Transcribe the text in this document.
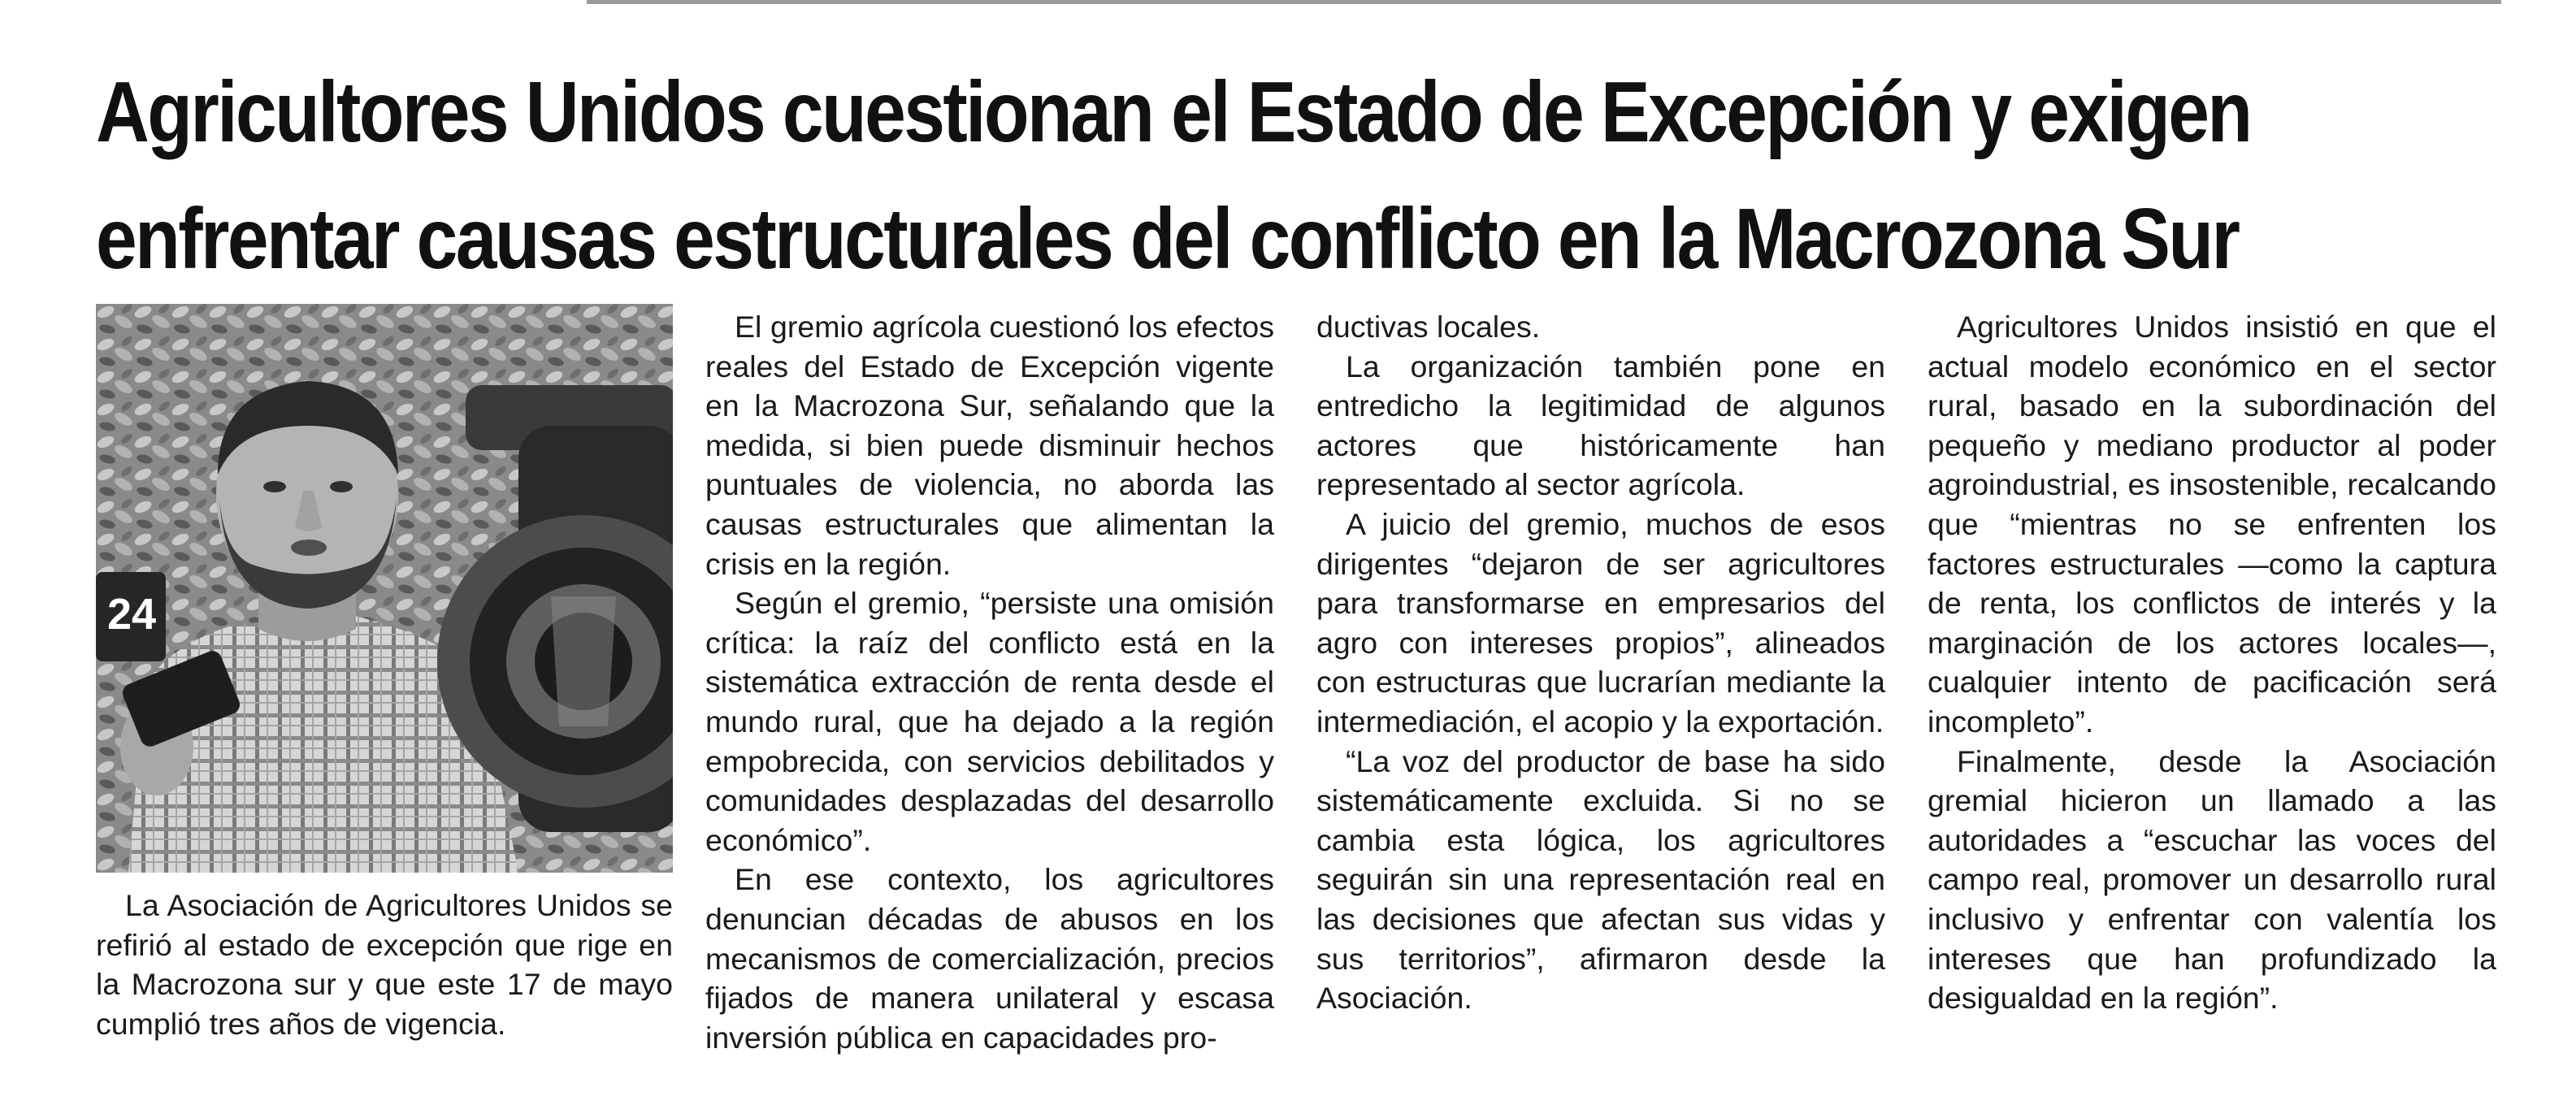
Agricultores Unidos cuestionan el Estado de Excepción y exigen
enfrentar causas estructurales del conflicto en la Macrozona Sur
24

La Asociación de Agricultores Unidos se refirió al estado de excepción que rige en la Macrozona sur y que este 17 de mayo cumplió tres años de vigencia.

El gremio agrícola cuestionó los efectos reales del Estado de Excepción vigente en la Macrozona Sur, señalando que la medida, si bien puede disminuir hechos puntuales de violencia, no aborda las causas estructurales que alimentan la crisis en la región.

Según el gremio, “persiste una omisión crítica: la raíz del conflicto está en la sistemática extracción de renta desde el mundo rural, que ha dejado a la región empobrecida, con servicios debilitados y comunidades desplazadas del desarrollo económico”.

En ese contexto, los agricultores denuncian décadas de abusos en los mecanismos de comercialización, precios fijados de manera unilateral y escasa inversión pública en capacidades pro-

ductivas locales.

La organización también pone en entredicho la legitimidad de algunos actores que históricamente han representado al sector agrícola.

A juicio del gremio, muchos de esos dirigentes “dejaron de ser agricultores para transformarse en empresarios del agro con intereses propios”, alineados con estructuras que lucrarían mediante la intermediación, el acopio y la exportación.

“La voz del productor de base ha sido sistemáticamente excluida. Si no se cambia esta lógica, los agricultores seguirán sin una representación real en las decisiones que afectan sus vidas y sus territorios”, afirmaron desde la Asociación.

Agricultores Unidos insistió en que el actual modelo económico en el sector rural, basado en la subordinación del pequeño y mediano productor al poder agroindustrial, es insostenible, recalcando que “mientras no se enfrenten los factores estructurales —como la captura de renta, los conflictos de interés y la marginación de los actores locales—, cualquier intento de pacificación será incompleto”.

Finalmente, desde la Asociación gremial hicieron un llamado a las autoridades a “escuchar las voces del campo real, promover un desarrollo rural inclusivo y enfrentar con valentía los intereses que han profundizado la desigualdad en la región”.
